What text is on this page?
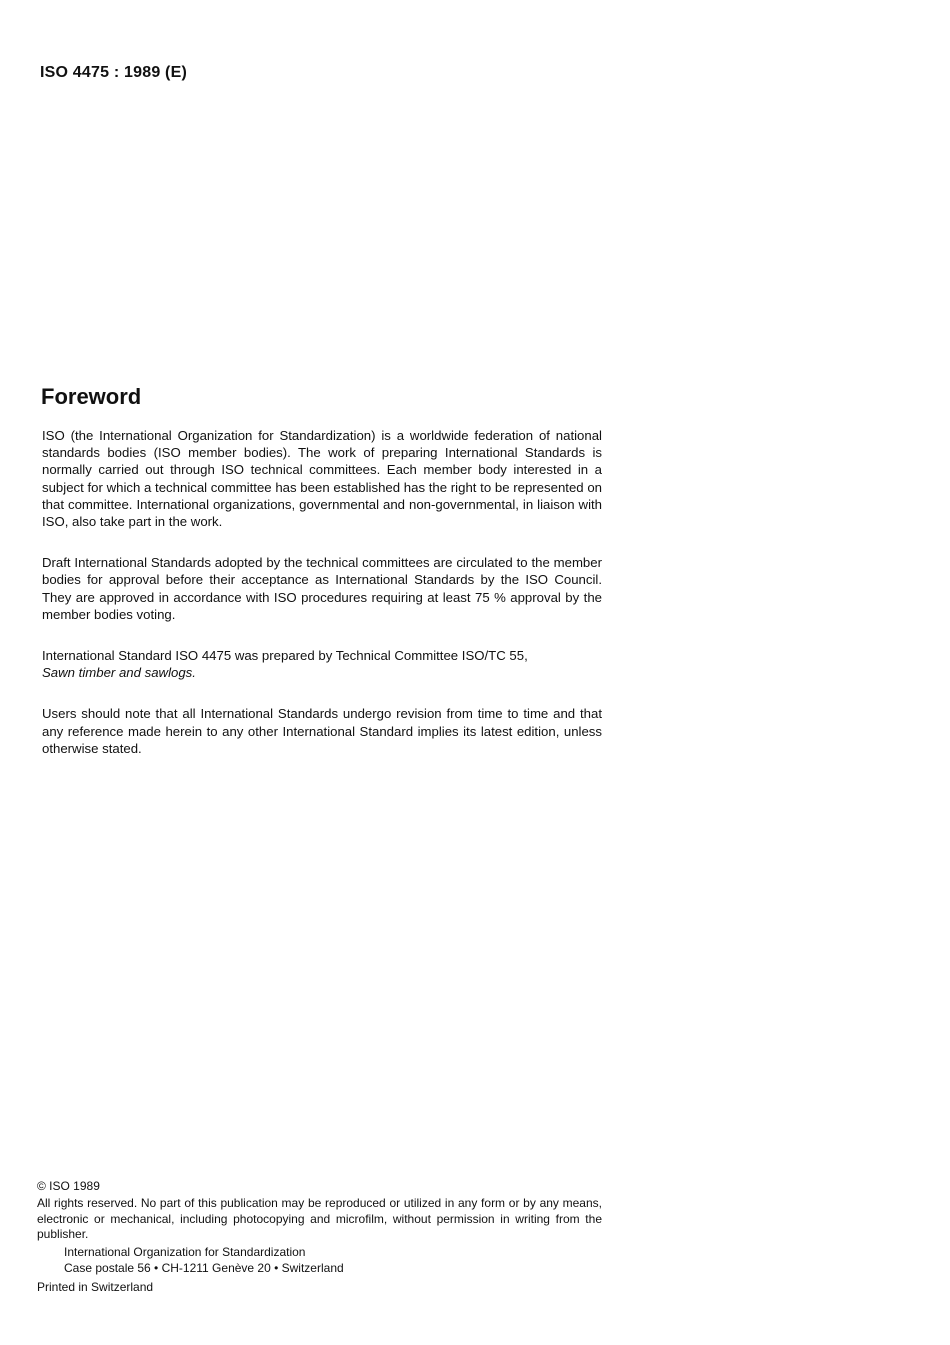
ISO 4475 : 1989 (E)
Foreword

ISO (the International Organization for Standardization) is a worldwide federation of national standards bodies (ISO member bodies). The work of preparing International Standards is normally carried out through ISO technical committees. Each member body interested in a subject for which a technical committee has been established has the right to be represented on that committee. International organizations, governmental and non-governmental, in liaison with ISO, also take part in the work.

Draft International Standards adopted by the technical committees are circulated to the member bodies for approval before their acceptance as International Standards by the ISO Council. They are approved in accordance with ISO procedures requiring at least 75 % approval by the member bodies voting.

International Standard ISO 4475 was prepared by Technical Committee ISO/TC 55,
Sawn timber and sawlogs.

Users should note that all International Standards undergo revision from time to time and that any reference made herein to any other International Standard implies its latest edition, unless otherwise stated.

© ISO 1989

All rights reserved. No part of this publication may be reproduced or utilized in any form or by any means, electronic or mechanical, including photocopying and microfilm, without permission in writing from the publisher.

International Organization for Standardization

Case postale 56 • CH-1211 Genève 20 • Switzerland

Printed in Switzerland
